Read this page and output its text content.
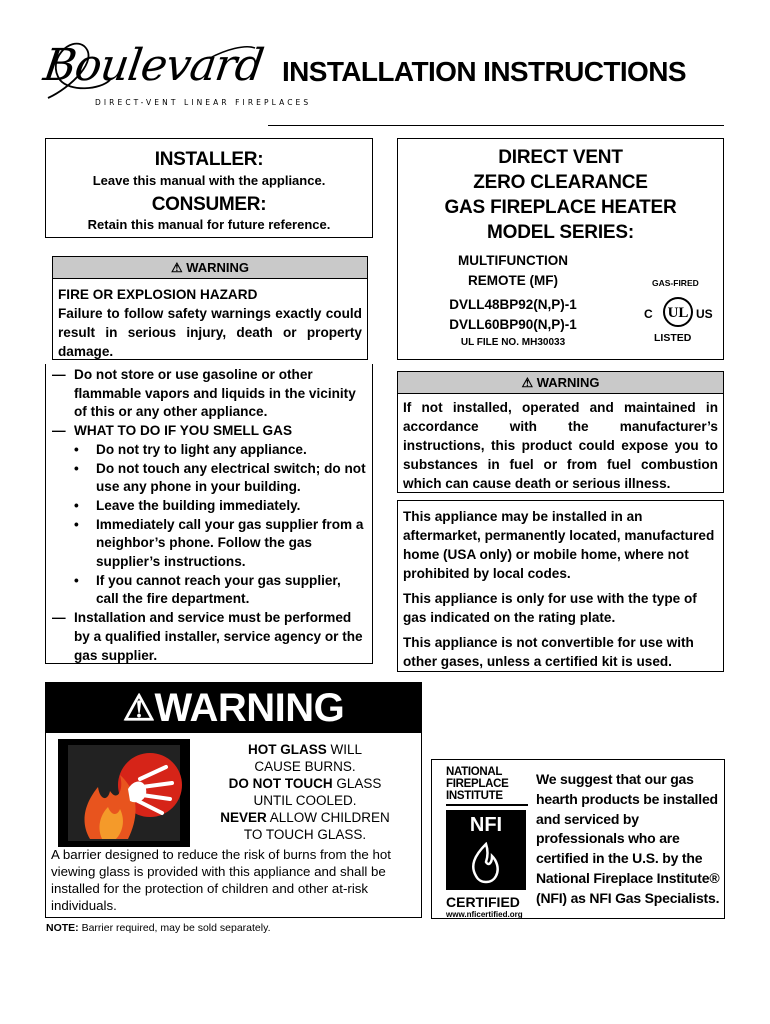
Boulevard
DIRECT-VENT LINEAR FIREPLACES
INSTALLATION INSTRUCTIONS
INSTALLER:
Leave this manual with the appliance.
CONSUMER:
Retain this manual for future reference.
DIRECT VENT
ZERO CLEARANCE
GAS FIREPLACE HEATER
MODEL SERIES:
MULTIFUNCTION
REMOTE (MF)
DVLL48BP92(N,P)-1
DVLL60BP90(N,P)-1
UL FILE NO. MH30033
GAS-FIRED
UL
C	US
LISTED
⚠ WARNING
FIRE OR EXPLOSION HAZARD
Failure to follow safety warnings exactly could result in serious injury, death or property damage.
— Do not store or use gasoline or other flammable vapors and liquids in the vicinity of this or any other appliance.
— WHAT TO DO IF YOU SMELL GAS
•	Do not try to light any appliance.
•	Do not touch any electrical switch; do not use any phone in your building.
•	Leave the building immediately.
•	Immediately call your gas supplier from a neighbor’s phone. Follow the gas supplier’s instructions.
•	If you cannot reach your gas supplier, call the fire department.
— Installation and service must be performed by a qualified installer, service agency or the gas supplier.
⚠ WARNING
If not installed, operated and maintained in accordance with the manufacturer’s instructions, this product could expose you to substances in fuel or from fuel combustion which can cause death or serious illness.

This appliance may be installed in an aftermarket, permanently located, manufactured home (USA only) or mobile home, where not prohibited by local codes.

This appliance is only for use with the type of gas indicated on the rating plate.

This appliance is not convertible for use with other gases, unless a certified kit is used.

⚠ WARNING
HOT GLASS WILL
CAUSE BURNS.
DO NOT TOUCH GLASS
UNTIL COOLED.
NEVER ALLOW CHILDREN
TO TOUCH GLASS.
A barrier designed to reduce the risk of burns from the hot viewing glass is provided with this appliance and shall be installed for the protection of children and other at-risk individuals.
NOTE: Barrier required, may be sold separately.
NATIONAL
FIREPLACE
INSTITUTE
NFI
CERTIFIED
www.nficertified.org
We suggest that our gas hearth products be installed and serviced by professionals who are certified in the U.S. by the National Fireplace Institute® (NFI) as NFI Gas Specialists.
